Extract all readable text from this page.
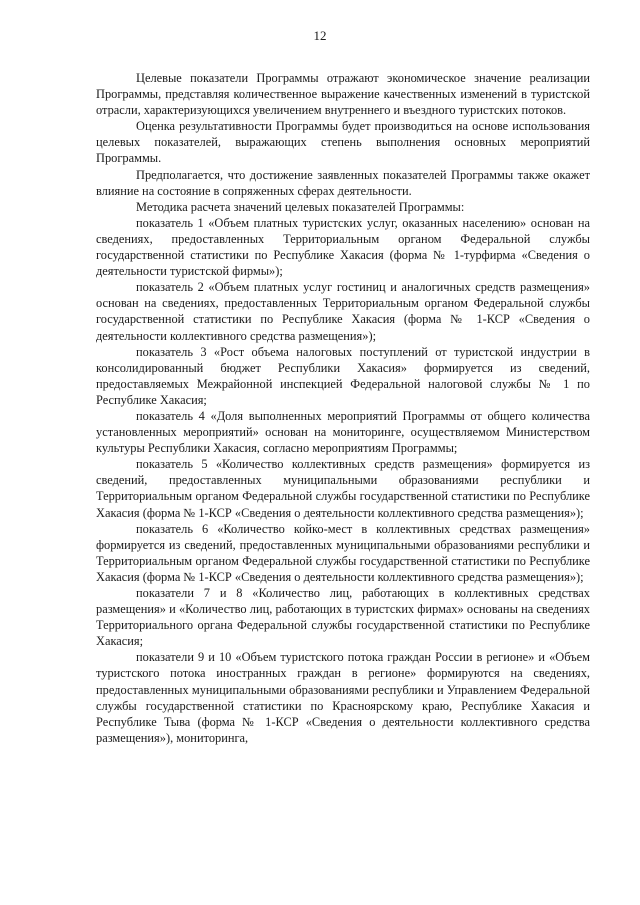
12

Целевые показатели Программы отражают экономическое значение реализации Программы, представляя количественное выражение качественных изменений в туристской отрасли, характеризующихся увеличением внутреннего и въездного туристских потоков.

Оценка результативности Программы будет производиться на основе использования целевых показателей, выражающих степень выполнения основных мероприятий Программы.

Предполагается, что достижение заявленных показателей Программы также окажет влияние на состояние в сопряженных сферах деятельности.

Методика расчета значений целевых показателей Программы:

показатель 1 «Объем платных туристских услуг, оказанных населению» основан на сведениях, предоставленных Территориальным органом Федеральной службы государственной статистики по Республике Хакасия (форма № 1-турфирма «Сведения о деятельности туристской фирмы»);

показатель 2 «Объем платных услуг гостиниц и аналогичных средств размещения» основан на сведениях, предоставленных Территориальным органом Федеральной службы государственной статистики по Республике Хакасия (форма № 1-КСР «Сведения о деятельности коллективного средства размещения»);

показатель 3 «Рост объема налоговых поступлений от туристской индустрии в консолидированный бюджет Республики Хакасия» формируется из сведений, предоставляемых Межрайонной инспекцией Федеральной налоговой службы № 1 по Республике Хакасия;

показатель 4 «Доля выполненных мероприятий Программы от общего количества установленных мероприятий» основан на мониторинге, осуществляемом Министерством культуры Республики Хакасия, согласно мероприятиям Программы;

показатель 5 «Количество коллективных средств размещения» формируется из сведений, предоставленных муниципальными образованиями республики и Территориальным органом Федеральной службы государственной статистики по Республике Хакасия (форма № 1-КСР «Сведения о деятельности коллективного средства размещения»);

показатель 6 «Количество койко-мест в коллективных средствах размещения» формируется из сведений, предоставленных муниципальными образованиями республики и Территориальным органом Федеральной службы государственной статистики по Республике Хакасия (форма № 1-КСР «Сведения о деятельности коллективного средства размещения»);

показатели 7 и 8 «Количество лиц, работающих в коллективных средствах размещения» и «Количество лиц, работающих в туристских фирмах» основаны на сведениях Территориального органа Федеральной службы государственной статистики по Республике Хакасия;

показатели 9 и 10 «Объем туристского потока граждан России в регионе» и «Объем туристского потока иностранных граждан в регионе» формируются на сведениях, предоставленных муниципальными образованиями республики и Управлением Федеральной службы государственной статистики по Красноярскому краю, Республике Хакасия и Республике Тыва (форма № 1-КСР «Сведения о деятельности коллективного средства размещения»), мониторинга,
